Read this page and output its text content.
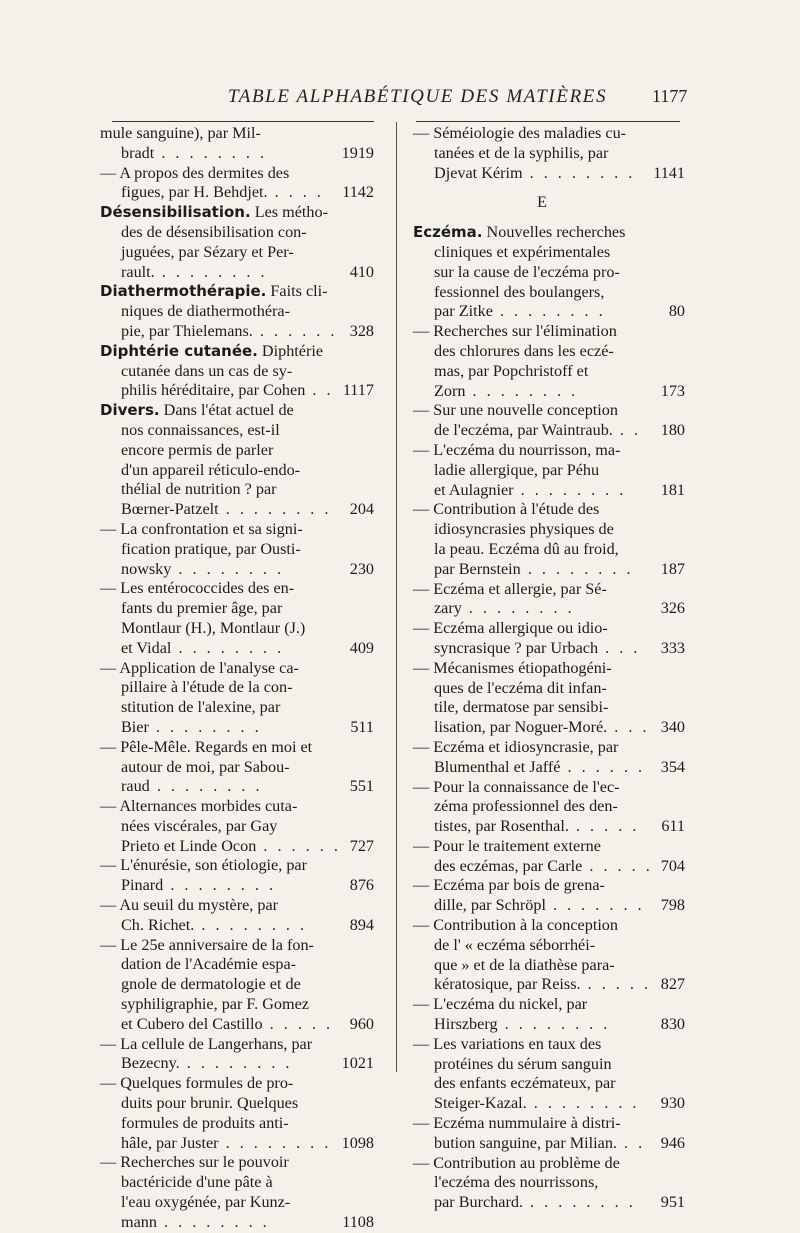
TABLE ALPHABÉTIQUE DES MATIÈRES 1177
mule sanguine), par Mil-
bradt . . . . . . . .	1919
— A propos des dermites des
figues, par H. Behdjet. . . . . 1142
Désensibilisation. Les métho-
des de désensibilisation con-
juguées, par Sézary et Per-
rault. . . . . . . . .	410
Diathermothérapie. Faits cli-
niques de diathermothéra-
pie, par Thielemans. . . . . . . 328
Diphtérie cutanée. Diphtérie
cutanée dans un cas de sy-
philis héréditaire, par Cohen . . 1117
Divers. Dans l'état actuel de
nos connaissances, est-il
encore permis de parler
d'un appareil réticulo-endo-
thélial de nutrition ? par
Bœrner-Patzelt . . . . . . . . 204
— La confrontation et sa signi-
fication pratique, par Ousti-
nowsky . . . . . . . .	230
— Les entérococcides des en-
fants du premier âge, par
Montlaur (H.), Montlaur (J.)
et Vidal . . . . . . . .	409
— Application de l'analyse ca-
pillaire à l'étude de la con-
stitution de l'alexine, par
Bier . . . . . . . .	511
— Pêle-Mêle. Regards en moi et
autour de moi, par Sabou-
raud . . . . . . . .	551
— Alternances morbides cuta-
nées viscérales, par Gay
Prieto et Linde Ocon . . . . . . 727
— L'énurésie, son étiologie, par
Pinard . . . . . . . .	876
— Au seuil du mystère, par
Ch. Richet. . . . . . . . .	894
— Le 25e anniversaire de la fon-
dation de l'Académie espa-
gnole de dermatologie et de
syphiligraphie, par F. Gomez
et Cubero del Castillo . . . . . 960
— La cellule de Langerhans, par
Bezecny. . . . . . . . .	1021
— Quelques formules de pro-
duits pour brunir. Quelques
formules de produits anti-
hâle, par Juster . . . . . . . . 1098
— Recherches sur le pouvoir
bactéricide d'une pâte à
l'eau oxygénée, par Kunz-
mann . . . . . . . .	1108
— Séméiologie des maladies cu-
tanées et de la syphilis, par
Djevat Kérim . . . . . . . . 1141
E
Eczéma. Nouvelles recherches
cliniques et expérimentales
sur la cause de l'eczéma pro-
fessionnel des boulangers,
par Zitke . . . . . . . .	80
— Recherches sur l'élimination
des chlorures dans les eczé-
mas, par Popchristoff et
Zorn . . . . . . . .	173
— Sur une nouvelle conception
de l'eczéma, par Waintraub. . . 180
— L'eczéma du nourrisson, ma-
ladie allergique, par Péhu
et Aulagnier . . . . . . . . 181
— Contribution à l'étude des
idiosyncrasies physiques de
la peau. Eczéma dû au froid,
par Bernstein . . . . . . . . 187
— Eczéma et allergie, par Sé-
zary . . . . . . . .	326
— Eczéma allergique ou idio-
syncrasique ? par Urbach . . . 333
— Mécanismes étiopathogéni-
ques de l'eczéma dit infan-
tile, dermatose par sensibi-
lisation, par Noguer-Moré. . . . 340
— Eczéma et idiosyncrasie, par
Blumenthal et Jaffé . . . . . . 354
— Pour la connaissance de l'ec-
zéma professionnel des den-
tistes, par Rosenthal. . . . . . 611
— Pour le traitement externe
des eczémas, par Carle . . . . . 704
— Eczéma par bois de grena-
dille, par Schröpl . . . . . . . 798
— Contribution à la conception
de l' « eczéma séborrhéi-
que » et de la diathèse para-
kératosique, par Reiss. . . . . . 827
— L'eczéma du nickel, par
Hirszberg . . . . . . . .	830
— Les variations en taux des
protéines du sérum sanguin
des enfants eczémateux, par
Steiger-Kazal. . . . . . . . . 930
— Eczéma nummulaire à distri-
bution sanguine, par Milian. . . 946
— Contribution au problème de
l'eczéma des nourrissons,
par Burchard. . . . . . . . . 951
